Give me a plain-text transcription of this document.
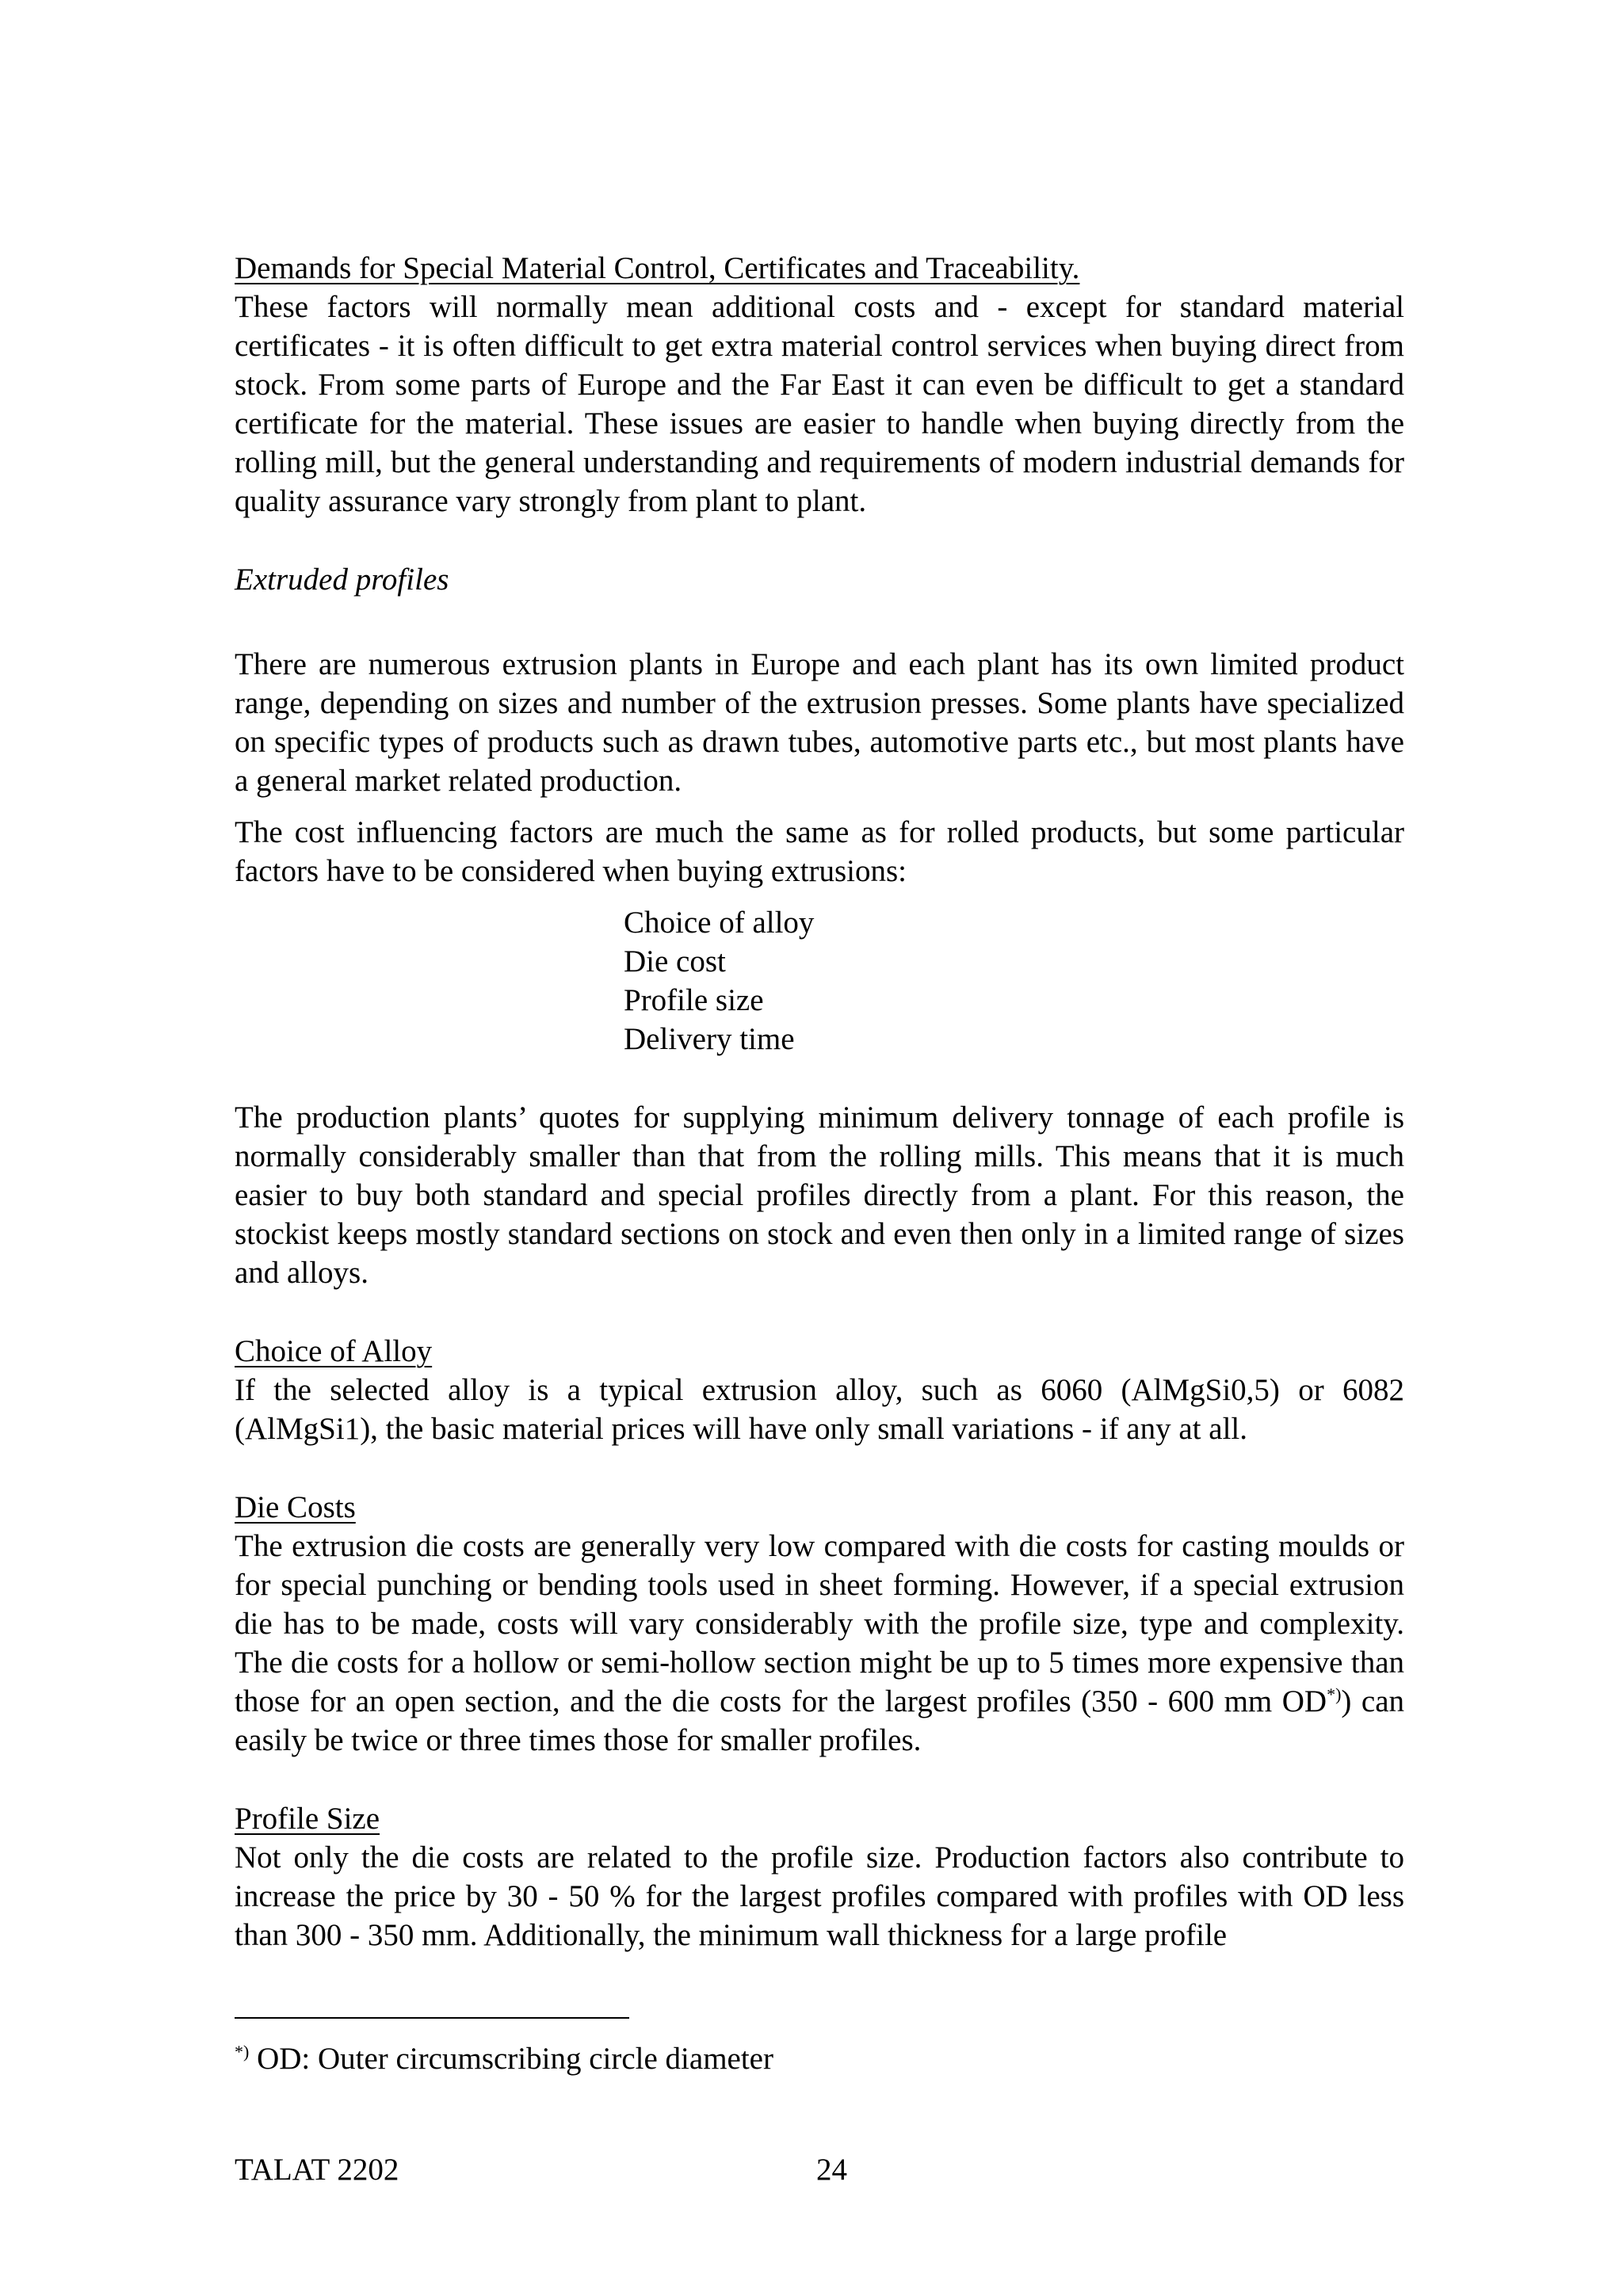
Demands for Special Material Control, Certificates and Traceability.

These factors will normally mean additional costs and - except for standard material certificates - it is often difficult to get extra material control services when buying direct from stock. From some parts of Europe and the Far East it can even be difficult to get a standard certificate for the material. These issues are easier to handle when buying directly from the rolling mill, but the general understanding and requirements of modern industrial demands for quality assurance vary strongly from plant to plant.

Extruded profiles

There are numerous extrusion plants in Europe and each plant has its own limited product range, depending on sizes and number of the extrusion presses. Some plants have specialized on specific types of products such as drawn tubes, automotive parts etc., but most plants have a general market related production.

The cost influencing factors are much the same as for rolled products, but some particular factors have to be considered when buying extrusions:

Choice of alloy
Die cost
Profile size
Delivery time

The production plants’ quotes for supplying minimum delivery tonnage of each profile is normally considerably smaller than that from the rolling mills. This means that it is much easier to buy both standard and special profiles directly from a plant. For this reason, the stockist keeps mostly standard sections on stock and even then only in a limited range of sizes and alloys.

Choice of Alloy

If the selected alloy is a typical extrusion alloy, such as 6060 (AlMgSi0,5) or 6082 (AlMgSi1), the basic material prices will have only small variations - if any at all.

Die Costs

The extrusion die costs are generally very low compared with die costs for casting moulds or for special punching or bending tools used in sheet forming. However, if a special extrusion die has to be made, costs will vary considerably with the profile size, type and complexity. The die costs for a hollow or semi-hollow section might be up to 5 times more expensive than those for an open section, and the die costs for the largest profiles (350 - 600 mm OD*)) can easily be twice or three times those for smaller profiles.

Profile Size

Not only the die costs are related to the profile size. Production factors also contribute to increase the price by 30 - 50 % for the largest profiles compared with profiles with OD less than 300 - 350 mm. Additionally, the minimum wall thickness for a large profile

*) OD: Outer circumscribing circle diameter
TALAT 2202	24
